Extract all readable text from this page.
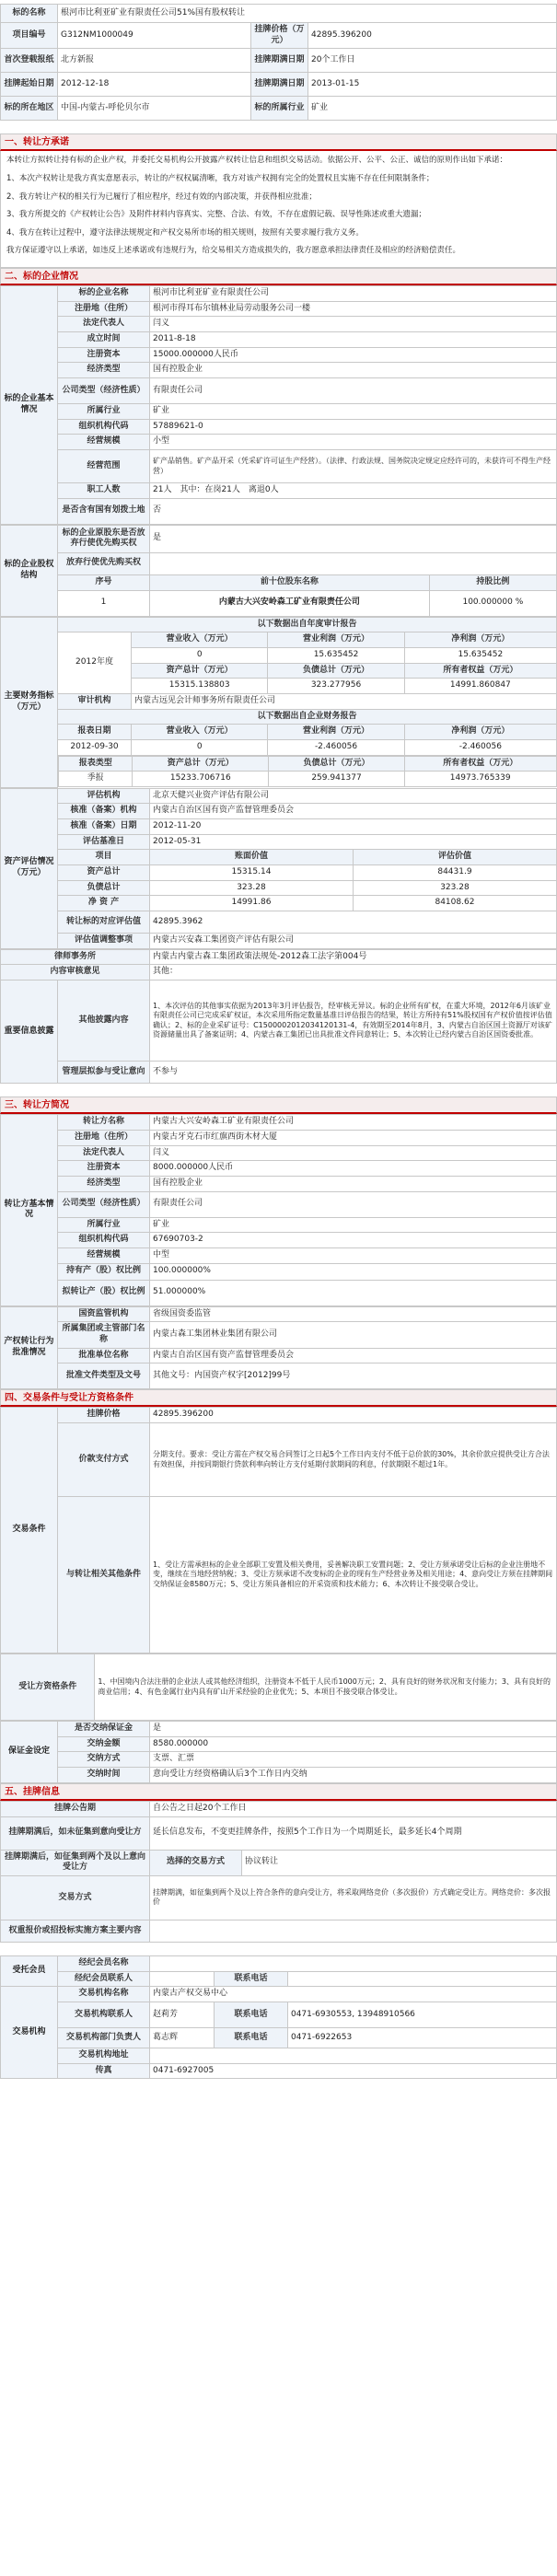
标的名称	根河市比利亚矿业有限责任公司51%国有股权转让		
项目编号	G312NM1000049	挂牌价格（万元）	42895.396200
首次登载报纸	北方新报	挂牌期满日期	20个工作日
挂牌起始日期	2012-12-18	挂牌期满日期	2013-01-15
标的所在地区	中国-内蒙古-呼伦贝尔市	标的所属行业	矿业
一、转让方承诺

本转让方拟转让持有标的企业产权，并委托交易机构公开披露产权转让信息和组织交易活动。依据公开、公平、公正、诚信的原则作出如下承诺：

1、本次产权转让是我方真实意愿表示，转让的产权权属清晰，我方对该产权拥有完全的处置权且实施不存在任何限制条件；

2、我方转让产权的相关行为已履行了相应程序，经过有效的内部决策，并获得相应批准；

3、我方所提交的《产权转让公告》及附件材料内容真实、完整、合法、有效，不存在虚假记载、误导性陈述或重大遗漏；

4、我方在转让过程中，遵守法律法规规定和产权交易所市场的相关规则，按照有关要求履行我方义务。

我方保证遵守以上承诺，如违反上述承诺或有违规行为，给交易相关方造成损失的，我方愿意承担法律责任及相应的经济赔偿责任。

二、标的企业情况
标的企业基本情况	标的企业名称	根河市比利亚矿业有限责任公司
	注册地（住所）	根河市得耳布尔镇林业局劳动服务公司一楼
	法定代表人	闫义
	成立时间	2011-8-18
	注册资本	15000.000000人民币
	经济类型	国有控股企业
	公司类型（经济性质）	有限责任公司
	所属行业	矿业
	组织机构代码	57889621-0
	经营规模	小型
	经营范围	矿产品销售。矿产品开采（凭采矿许可证生产经营）。（法律、行政法规、国务院决定规定应经许可的，未获许可不得生产经营）
	职工人数	21人　其中：在岗21人　离退0人
	是否含有国有划拨土地	否
标的企业股权结构	标的企业原股东是否放弃行使优先购买权	是	
	放弃行使优先购买权		
	序号	前十位股东名称	持股比例
	1	内蒙古大兴安岭森工矿业有限责任公司	100.000000 %
主要财务指标（万元）	以下数据出自年度审计报告
2012年度	营业收入（万元）	营业利润（万元）	净利润（万元）
0	15.635452	15.635452
资产总计（万元）	负债总计（万元）	所有者权益（万元）
15315.138803	323.277956	14991.860847
审计机构	内蒙古远见会计师事务所有限责任公司
以下数据出自企业财务报告
报表日期	营业收入（万元）	营业利润（万元）	净利润（万元）
2012-09-30	0	-2.460056	-2.460056

报表类型	资产总计（万元）	负债总计（万元）	所有者权益（万元）
季报	15233.706716	259.941377	14973.765339
资产评估情况（万元）	评估机构	北京天健兴业资产评估有限公司	
	核准（备案）机构	内蒙古自治区国有资产监督管理委员会	
	核准（备案）日期	2012-11-20	
	评估基准日	2012-05-31	
	项目	账面价值	评估价值
	资产总计	15315.14	84431.9
	负债总计	323.28	323.28
	净 资 产	14991.86	84108.62
	转让标的对应评估值	42895.3962	
	评估值调整事项	内蒙古兴安森工集团资产评估有限公司	
律师事务所		内蒙古内蒙古森工集团政策法规处-2012森工法字第004号
内容审核意见		其他：
重要信息披露	其他披露内容	1、本次评估的其他事实依据为2013年3月评估报告，经审核无异议。标的企业所有矿权，在重大环境，2012年6月该矿业有限责任公司已完成采矿权证，本次采用所指定数量基准日评估报告的结果，转让方所持有51%股权国有产权价值按评估值确认；2、标的企业采矿证号：C1500002012034120131-4，有效期至2014年8月，3、内蒙古自治区国土资源厅对该矿资源储量出具了备案证明；4、内蒙古森工集团已出具批准文件同意转让；5、本次转让已经内蒙古自治区国资委批准。
	管理层拟参与受让意向	不参与
三、转让方简况
转让方基本情况	转让方名称	内蒙古大兴安岭森工矿业有限责任公司
	注册地（住所）	内蒙古牙克石市红旗西街木材大厦
	法定代表人	闫义
	注册资本	8000.000000人民币
	经济类型	国有控股企业
	公司类型（经济性质）	有限责任公司
	所属行业	矿业
	组织机构代码	67690703-2
	经营规模	中型
	持有产（股）权比例	100.000000%
	拟转让产（股）权比例	51.000000%
产权转让行为批准情况	国资监管机构	省级国资委监管
	所属集团或主管部门名称	内蒙古森工集团林业集团有限公司
	批准单位名称	内蒙古自治区国有资产监督管理委员会
	批准文件类型及文号	其他文号：内国资产权字[2012]99号
四、交易条件与受让方资格条件
交易条件	挂牌价格	42895.396200
	价款支付方式	分期支付。要求：受让方需在产权交易合同签订之日起5个工作日内支付不低于总价款的30%，其余价款应提供受让方合法有效担保，并按同期银行贷款利率向转让方支付延期付款期间的利息，付款期限不超过1年。
	与转让相关其他条件	1、受让方需承担标的企业全部职工安置及相关费用，妥善解决职工安置问题；2、受让方须承诺受让后标的企业注册地不变，继续在当地经营纳税；3、受让方须承诺不改变标的企业的现有生产经营业务及相关用途；4、意向受让方须在挂牌期间交纳保证金8580万元；5、受让方须具备相应的开采资质和技术能力；6、本次转让不接受联合受让。
受让方资格条件	1、中国境内合法注册的企业法人或其他经济组织，注册资本不低于人民币1000万元；2、具有良好的财务状况和支付能力；3、具有良好的商业信用；4、有色金属行业内具有矿山开采经验的企业优先；5、本项目不接受联合体受让。
保证金设定	是否交纳保证金	是
	交纳金额	8580.000000
	交纳方式	支票、汇票
	交纳时间	意向受让方经资格确认后3个工作日内交纳
五、挂牌信息
挂牌公告期	自公告之日起20个工作日	
挂牌期满后，如未征集到意向受让方	延长信息发布，不变更挂牌条件，按照5个工作日为一个周期延长，最多延长4个周期	
挂牌期满后，如征集到两个及以上意向受让方	选择的交易方式	协议转让
交易方式	挂牌期满，如征集到两个及以上符合条件的意向受让方，将采取网络竞价（多次报价）方式确定受让方。网络竞价：多次报价	
权重报价或招投标实施方案主要内容		
受托会员	经纪会员名称			
	经纪会员联系人		联系电话	
交易机构	交易机构名称	内蒙古产权交易中心		
	交易机构联系人	赵莉芳	联系电话	0471-6930553, 13948910566
	交易机构部门负责人	葛志辉	联系电话	0471-6922653
	交易机构地址			
	传真	0471-6927005		
